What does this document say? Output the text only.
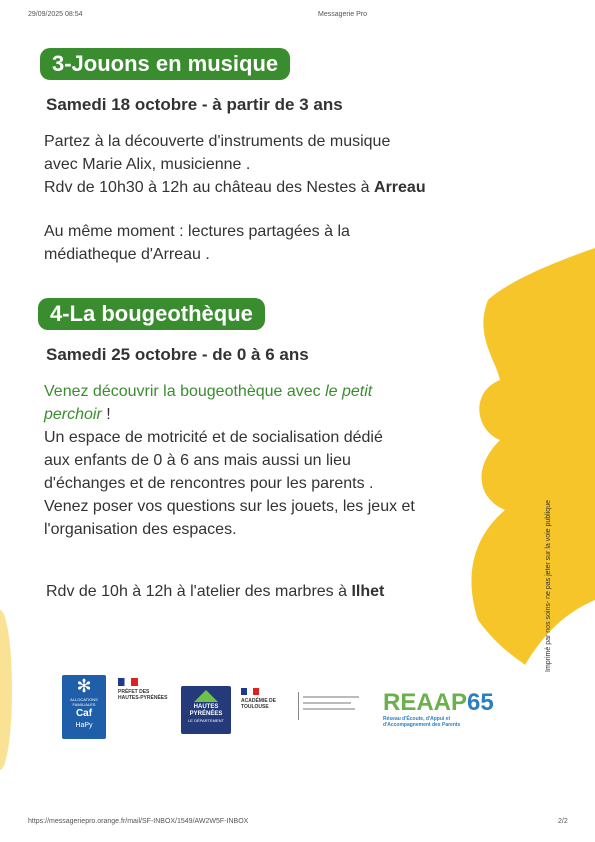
29/09/2025 08:54	Messagerie Pro
3-Jouons en musique
Samedi 18 octobre - à partir de 3 ans
Partez à la découverte d'instruments de musique
avec Marie Alix, musicienne .
Rdv de 10h30 à 12h au château des Nestes à Arreau
Au même moment : lectures partagées à la
médiatheque d'Arreau .
4-La bougeothèque
Samedi 25 octobre - de 0 à 6 ans
Venez découvrir la bougeothèque avec le petit
perchoir !
Un espace de motricité et de socialisation dédié
aux enfants de 0 à 6 ans mais aussi un lieu
d'échanges et de rencontres pour les parents .
Venez poser vos questions sur les jouets, les jeux et
l'organisation des espaces.
Rdv de 10h à 12h à l'atelier des marbres à Ilhet	Imprimé par nos soins- ne pas jeter sur la voie publique
✻
ALLOCATIONS FAMILIALES
Caf
HaPy
PRÉFET DES HAUTES-PYRÉNÉES
HAUTES
PYRÉNÉES
LE DÉPARTEMENT
ACADÉMIE DE TOULOUSE	REAAP65
Réseau d'Écoute, d'Appui et d'Accompagnement des Parents
https://messageriepro.orange.fr/mail/SF-INBOX/1549/AW2W5F-INBOX	2/2
